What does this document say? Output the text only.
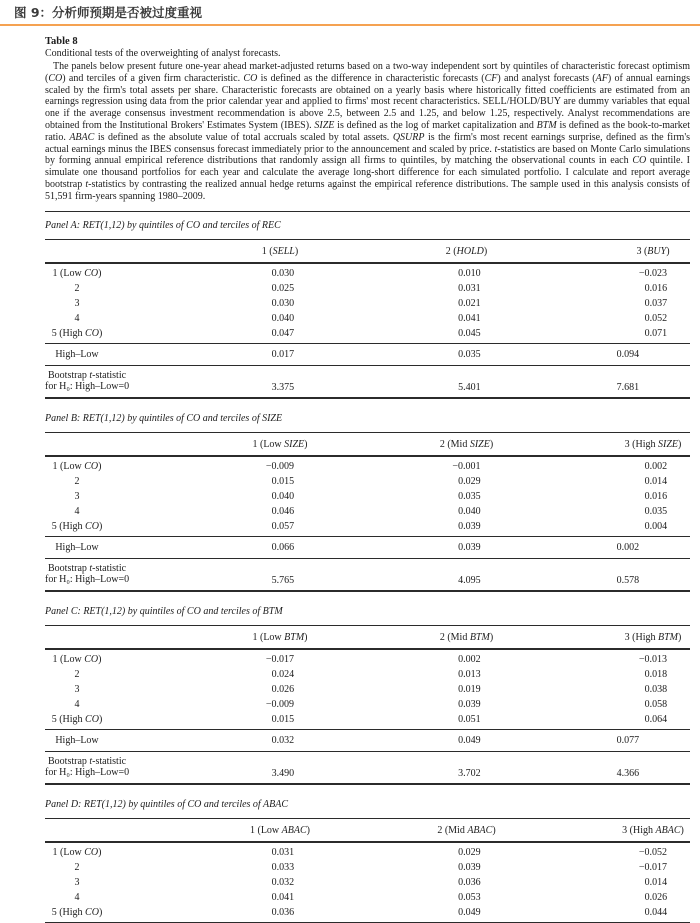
图 9：分析师预期是否被过度重视
Table 8
Conditional tests of the overweighting of analyst forecasts.
The panels below present future one-year ahead market-adjusted returns based on a two-way independent sort by quintiles of characteristic forecast optimism (CO) and terciles of a given firm characteristic. CO is defined as the difference in characteristic forecasts (CF) and analyst forecasts (AF) of annual earnings scaled by the firm's total assets per share. Characteristic forecasts are obtained on a yearly basis where historically fitted coefficients are estimated from an earnings regression using data from the prior calendar year and applied to firms' most recent characteristics. SELL/HOLD/BUY are dummy variables that equal one if the average consensus investment recommendation is above 2.5, between 2.5 and 1.25, and below 1.25, respectively. Analyst recommendations are obtained from the Institutional Brokers' Estimates System (IBES). SIZE is defined as the log of market capitalization and BTM is defined as the book-to-market ratio. ABAC is defined as the absolute value of total accruals scaled by total assets. QSURP is the firm's most recent earnings surprise, defined as the firm's actual earnings minus the IBES consensus forecast immediately prior to the announcement and scaled by price. t-statistics are based on Monte Carlo simulations by forming annual empirical reference distributions that randomly assign all firms to quintiles, by matching the observational counts in each CO quintile. I simulate one thousand portfolios for each year and calculate the average long-short difference for each simulated portfolio. I calculate and report average bootstrap t-statistics by contrasting the realized annual hedge returns against the empirical reference distributions. The sample used in this analysis consists of 51,591 firm-years spanning 1980–2009.
Panel A: RET(1,12) by quintiles of CO and terciles of REC
	1 (SELL)	2 (HOLD)	3 (BUY)
1 (Low CO)	0.030	0.010	−0.023
2	0.025	0.031	0.016
3	0.030	0.021	0.037
4	0.040	0.041	0.052
5 (High CO)	0.047	0.045	0.071
High–Low	0.017	0.035	0.094

Bootstrap t-statistic
for H₀: High–Low=0	3.375	5.401	7.681
Panel B: RET(1,12) by quintiles of CO and terciles of SIZE
	1 (Low SIZE)	2 (Mid SIZE)	3 (High SIZE)
1 (Low CO)	−0.009	−0.001	0.002
2	0.015	0.029	0.014
3	0.040	0.035	0.016
4	0.046	0.040	0.035
5 (High CO)	0.057	0.039	0.004
High–Low	0.066	0.039	0.002

Bootstrap t-statistic
for H₀: High–Low=0	5.765	4.095	0.578
Panel C: RET(1,12) by quintiles of CO and terciles of BTM
	1 (Low BTM)	2 (Mid BTM)	3 (High BTM)
1 (Low CO)	−0.017	0.002	−0.013
2	0.024	0.013	0.018
3	0.026	0.019	0.038
4	−0.009	0.039	0.058
5 (High CO)	0.015	0.051	0.064
High–Low	0.032	0.049	0.077

Bootstrap t-statistic
for H₀: High–Low=0	3.490	3.702	4.366
Panel D: RET(1,12) by quintiles of CO and terciles of ABAC
	1 (Low ABAC)	2 (Mid ABAC)	3 (High ABAC)
1 (Low CO)	0.031	0.029	−0.052
2	0.033	0.039	−0.017
3	0.032	0.036	0.014
4	0.041	0.053	0.026
5 (High CO)	0.036	0.049	0.044
